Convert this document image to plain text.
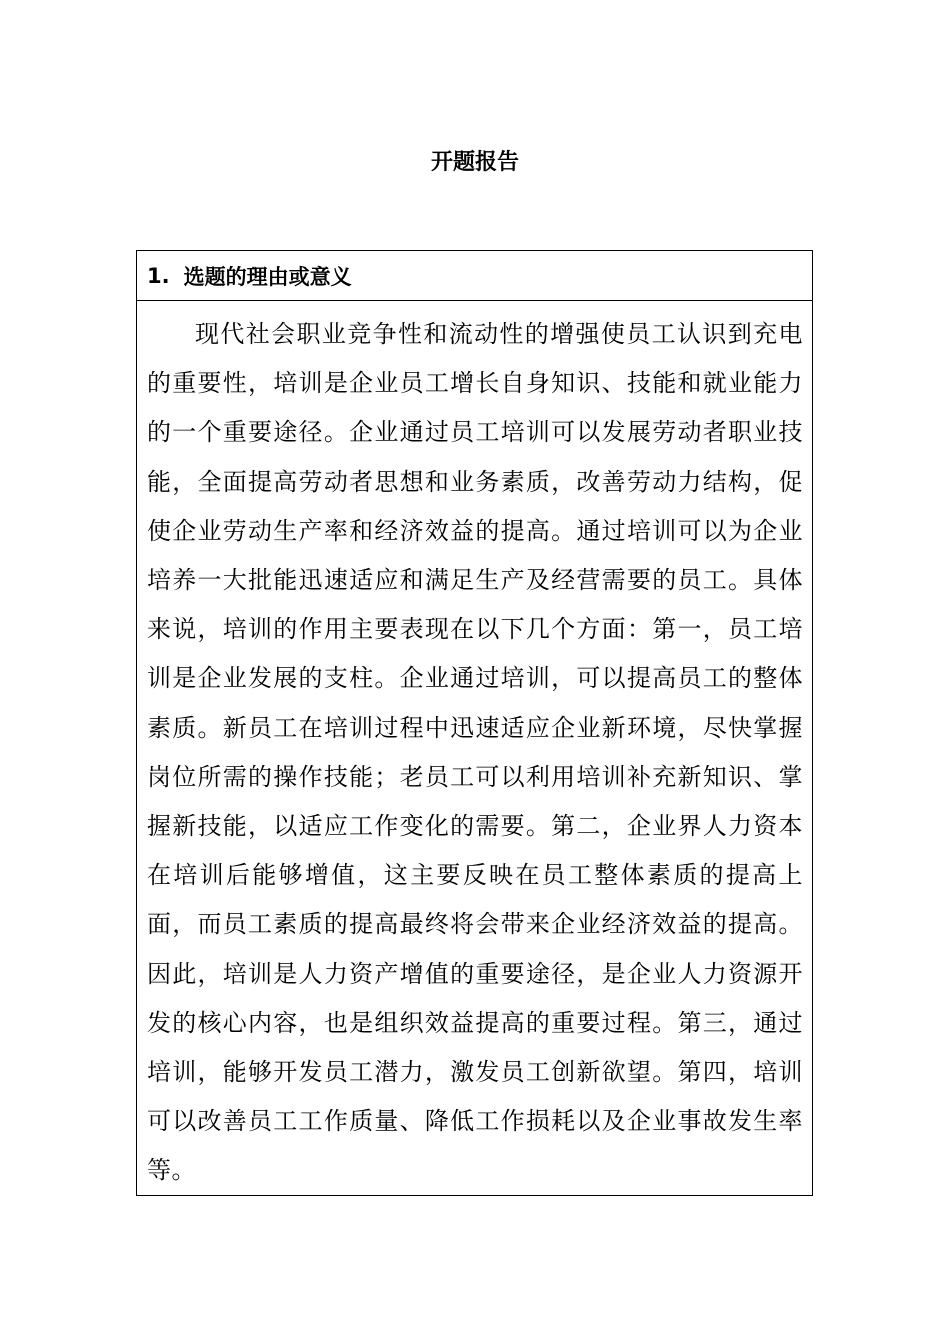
开题报告
1. 选题的理由或意义

现代社会职业竞争性和流动性的增强使员工认识到充电的重要性，培训是企业员工增长自身知识、技能和就业能力的一个重要途径。企业通过员工培训可以发展劳动者职业技能，全面提高劳动者思想和业务素质，改善劳动力结构，促使企业劳动生产率和经济效益的提高。通过培训可以为企业培养一大批能迅速适应和满足生产及经营需要的员工。具体来说，培训的作用主要表现在以下几个方面：第一，员工培训是企业发展的支柱。企业通过培训，可以提高员工的整体素质。新员工在培训过程中迅速适应企业新环境，尽快掌握岗位所需的操作技能；老员工可以利用培训补充新知识、掌握新技能，以适应工作变化的需要。第二，企业界人力资本在培训后能够增值，这主要反映在员工整体素质的提高上面，而员工素质的提高最终将会带来企业经济效益的提高。因此，培训是人力资产增值的重要途径，是企业人力资源开发的核心内容，也是组织效益提高的重要过程。第三，通过培训，能够开发员工潜力，激发员工创新欲望。第四，培训可以改善员工工作质量、降低工作损耗以及企业事故发生率等。
